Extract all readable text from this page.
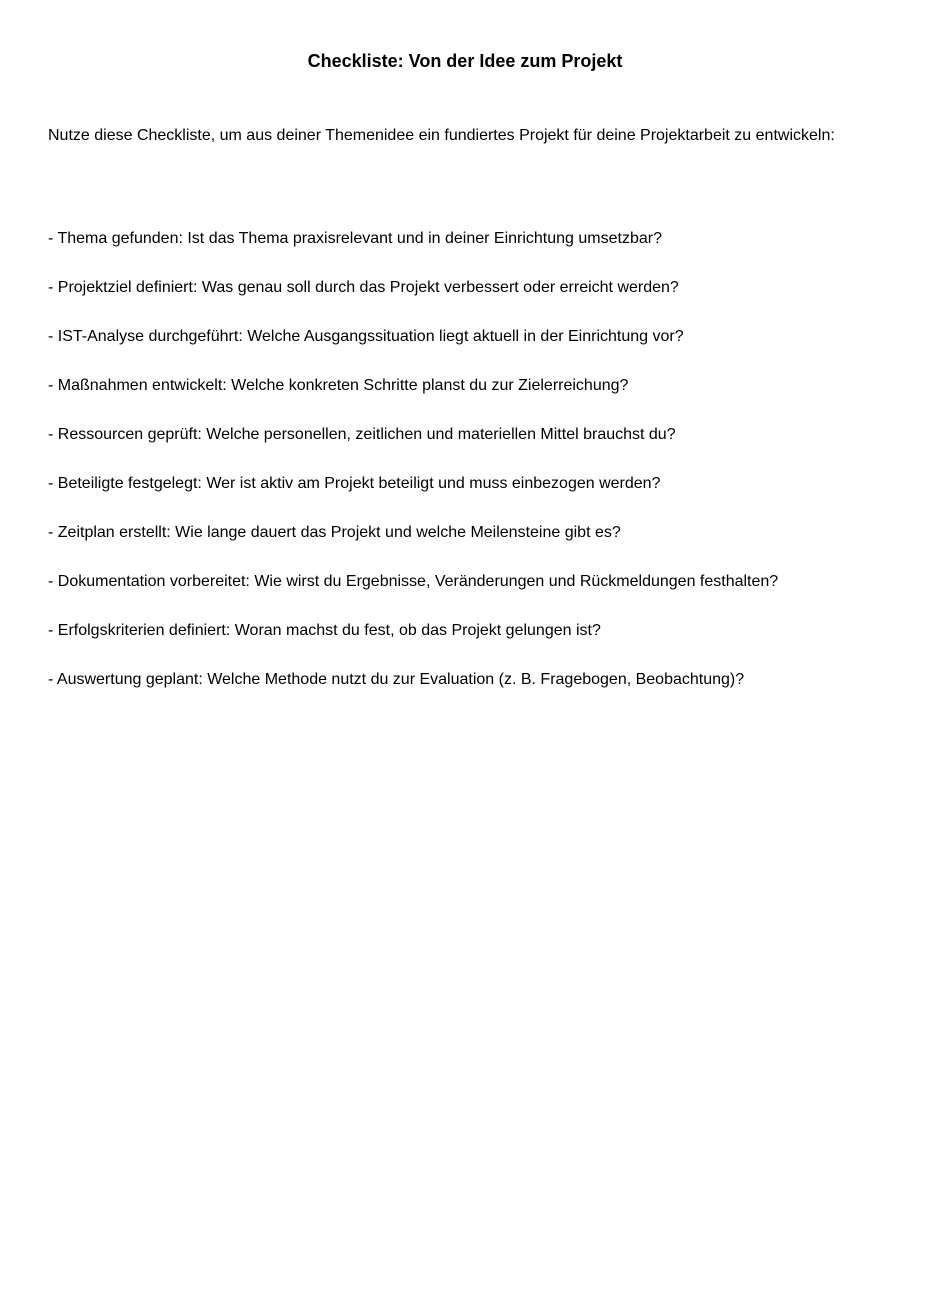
Checkliste: Von der Idee zum Projekt

Nutze diese Checkliste, um aus deiner Themenidee ein fundiertes Projekt für deine Projektarbeit zu entwickeln:

- Thema gefunden: Ist das Thema praxisrelevant und in deiner Einrichtung umsetzbar?
- Projektziel definiert: Was genau soll durch das Projekt verbessert oder erreicht werden?
- IST-Analyse durchgeführt: Welche Ausgangssituation liegt aktuell in der Einrichtung vor?
- Maßnahmen entwickelt: Welche konkreten Schritte planst du zur Zielerreichung?
- Ressourcen geprüft: Welche personellen, zeitlichen und materiellen Mittel brauchst du?
- Beteiligte festgelegt: Wer ist aktiv am Projekt beteiligt und muss einbezogen werden?
- Zeitplan erstellt: Wie lange dauert das Projekt und welche Meilensteine gibt es?
- Dokumentation vorbereitet: Wie wirst du Ergebnisse, Veränderungen und Rückmeldungen festhalten?
- Erfolgskriterien definiert: Woran machst du fest, ob das Projekt gelungen ist?
- Auswertung geplant: Welche Methode nutzt du zur Evaluation (z. B. Fragebogen, Beobachtung)?
